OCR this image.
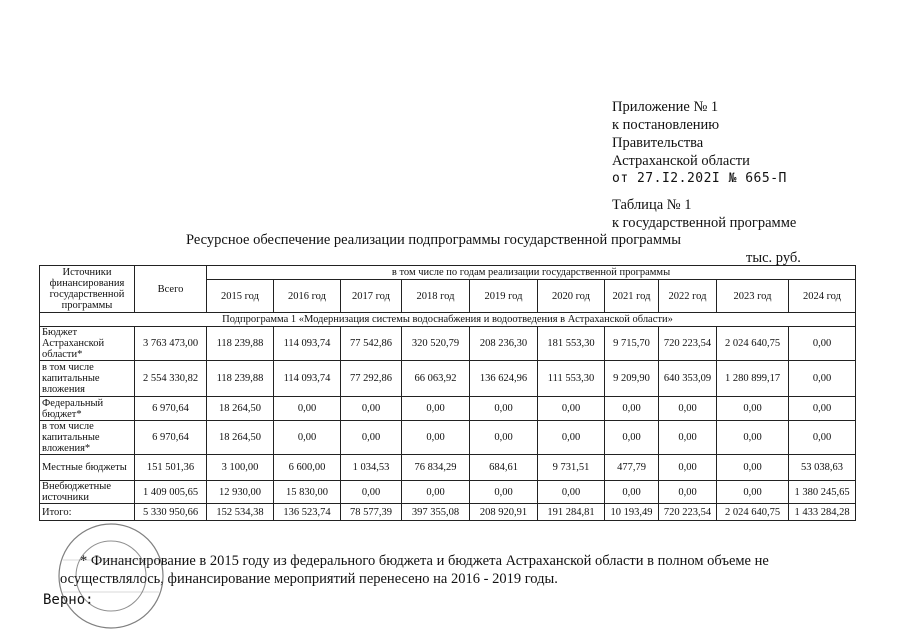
Приложение № 1
к постановлению
Правительства
Астраханской области
от 27.I2.202I № 665-П
Таблица № 1
к государственной программе
Ресурсное обеспечение реализации подпрограммы государственной программы
тыс. руб.
Источники финансирования государственной программы	Всего	в том числе по годам реализации государственной программы									
		2015 год	2016 год	2017 год	2018 год	2019 год	2020 год	2021 год	2022 год	2023 год	2024 год
Подпрограмма 1 «Модернизация системы водоснабжения и водоотведения в Астраханской области»											
Бюджет Астраханской области*	3 763 473,00	118 239,88	114 093,74	77 542,86	320 520,79	208 236,30	181 553,30	9 715,70	720 223,54	2 024 640,75	0,00
в том числе капитальные вложения	2 554 330,82	118 239,88	114 093,74	77 292,86	66 063,92	136 624,96	111 553,30	9 209,90	640 353,09	1 280 899,17	0,00
Федеральный бюджет*	6 970,64	18 264,50	0,00	0,00	0,00	0,00	0,00	0,00	0,00	0,00	0,00
в том числе капитальные вложения*	6 970,64	18 264,50	0,00	0,00	0,00	0,00	0,00	0,00	0,00	0,00	0,00
Местные бюджеты	151 501,36	3 100,00	6 600,00	1 034,53	76 834,29	684,61	9 731,51	477,79	0,00	0,00	53 038,63
Внебюджетные источники	1 409 005,65	12 930,00	15 830,00	0,00	0,00	0,00	0,00	0,00	0,00	0,00	1 380 245,65
Итого:	5 330 950,66	152 534,38	136 523,74	78 577,39	397 355,08	208 920,91	191 284,81	10 193,49	720 223,54	2 024 640,75	1 433 284,28
* Финансирование в 2015 году из федерального бюджета и бюджета Астраханской области в полном объеме не осуществлялось, финансирование мероприятий перенесено на 2016 - 2019 годы.
Верно:
